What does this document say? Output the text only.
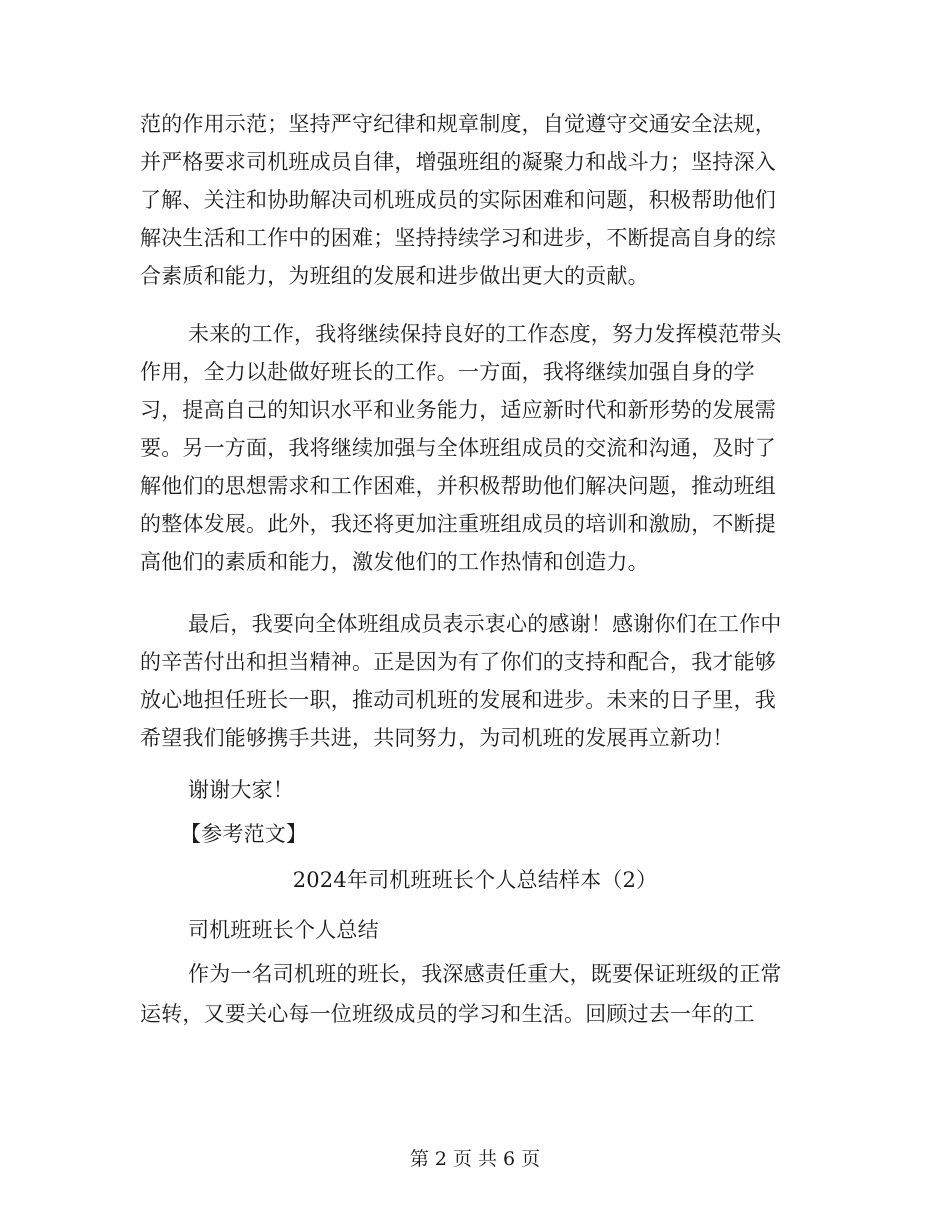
范的作用示范；坚持严守纪律和规章制度，自觉遵守交通安全法规，
并严格要求司机班成员自律，增强班组的凝聚力和战斗力；坚持深入
了解、关注和协助解决司机班成员的实际困难和问题，积极帮助他们
解决生活和工作中的困难；坚持持续学习和进步，不断提高自身的综
合素质和能力，为班组的发展和进步做出更大的贡献。
未来的工作，我将继续保持良好的工作态度，努力发挥模范带头
作用，全力以赴做好班长的工作。一方面，我将继续加强自身的学
习，提高自己的知识水平和业务能力，适应新时代和新形势的发展需
要。另一方面，我将继续加强与全体班组成员的交流和沟通，及时了
解他们的思想需求和工作困难，并积极帮助他们解决问题，推动班组
的整体发展。此外，我还将更加注重班组成员的培训和激励，不断提
高他们的素质和能力，激发他们的工作热情和创造力。
最后，我要向全体班组成员表示衷心的感谢！感谢你们在工作中
的辛苦付出和担当精神。正是因为有了你们的支持和配合，我才能够
放心地担任班长一职，推动司机班的发展和进步。未来的日子里，我
希望我们能够携手共进，共同努力，为司机班的发展再立新功！
谢谢大家！
【参考范文】
2024年司机班班长个人总结样本（2）
司机班班长个人总结
作为一名司机班的班长，我深感责任重大，既要保证班级的正常
运转，又要关心每一位班级成员的学习和生活。回顾过去一年的工
第 2 页 共 6 页
